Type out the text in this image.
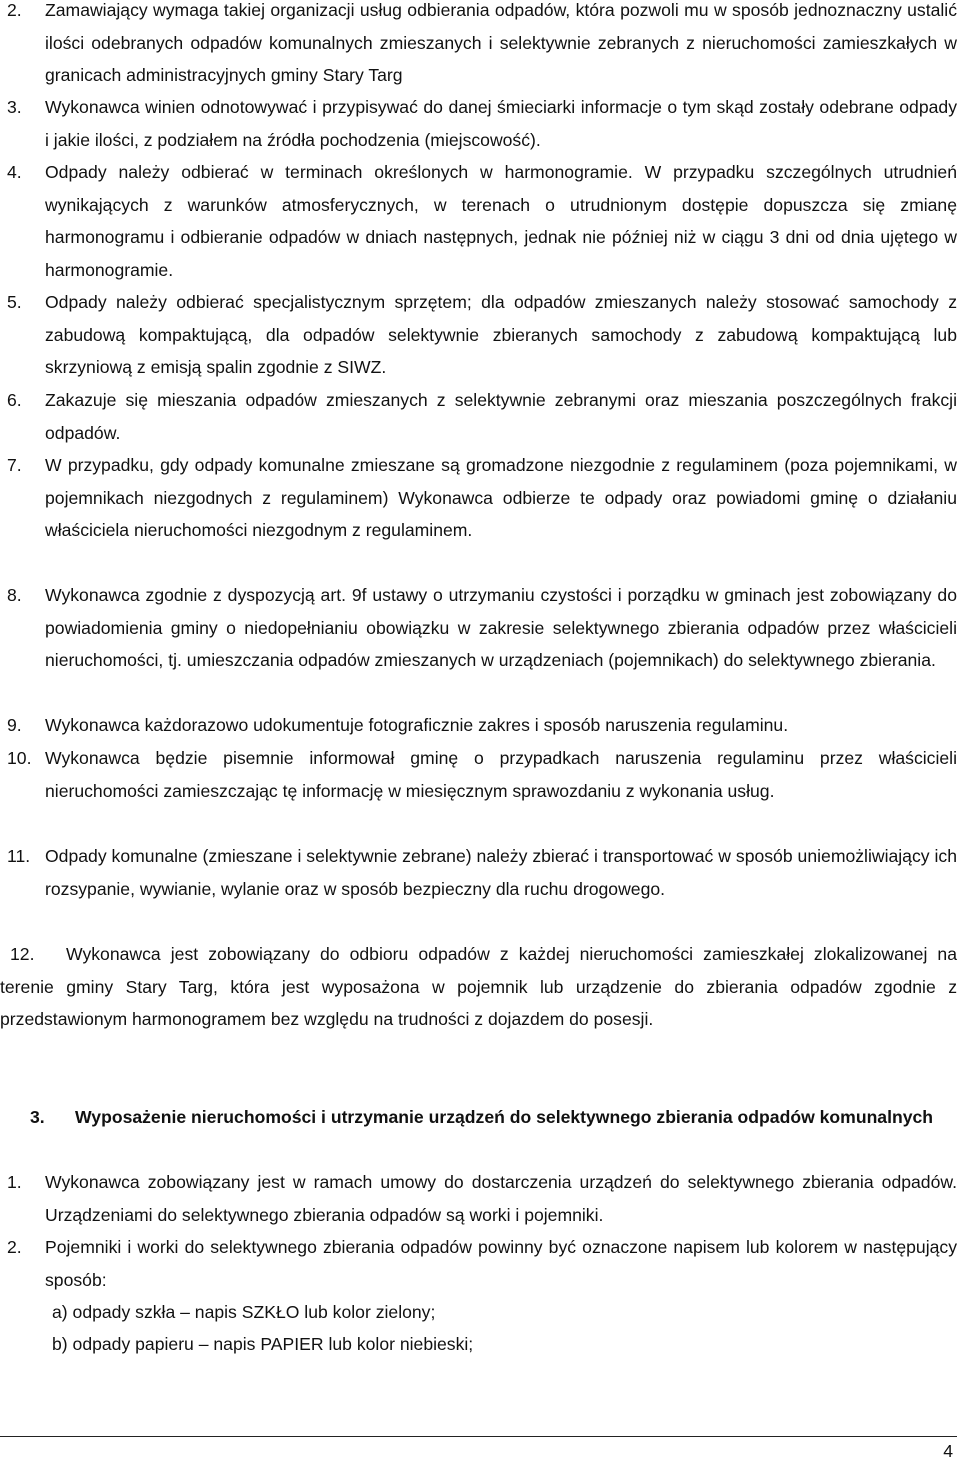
2. Zamawiający wymaga takiej organizacji usług odbierania odpadów, która pozwoli mu w sposób jednoznaczny ustalić ilości odebranych odpadów komunalnych zmieszanych i selektywnie zebranych z nieruchomości zamieszkałych w granicach administracyjnych gminy Stary Targ
3. Wykonawca winien odnotowywać i przypisywać do danej śmieciarki informacje o tym skąd zostały odebrane odpady i jakie ilości, z podziałem na źródła pochodzenia (miejscowość).
4. Odpady należy odbierać w terminach określonych w harmonogramie. W przypadku szczególnych utrudnień wynikających z warunków atmosferycznych, w terenach o utrudnionym dostępie dopuszcza się zmianę harmonogramu i odbieranie odpadów w dniach następnych, jednak nie później niż w ciągu 3 dni od dnia ujętego w harmonogramie.
5. Odpady należy odbierać specjalistycznym sprzętem; dla odpadów zmieszanych należy stosować samochody z zabudową kompaktującą, dla odpadów selektywnie zbieranych samochody z zabudową kompaktującą lub skrzyniową z emisją spalin zgodnie z SIWZ.
6. Zakazuje się mieszania odpadów zmieszanych z selektywnie zebranymi oraz mieszania poszczególnych frakcji odpadów.
7. W przypadku, gdy odpady komunalne zmieszane są gromadzone niezgodnie z regulaminem (poza pojemnikami, w pojemnikach niezgodnych z regulaminem) Wykonawca odbierze te odpady oraz powiadomi gminę o działaniu właściciela nieruchomości niezgodnym z regulaminem.
8. Wykonawca zgodnie z dyspozycją art. 9f ustawy o utrzymaniu czystości i porządku w gminach jest zobowiązany do powiadomienia gminy o niedopełnianiu obowiązku w zakresie selektywnego zbierania odpadów przez właścicieli nieruchomości, tj. umieszczania odpadów zmieszanych w urządzeniach (pojemnikach) do selektywnego zbierania.
9. Wykonawca każdorazowo udokumentuje fotograficznie zakres i sposób naruszenia regulaminu.
10. Wykonawca będzie pisemnie informował gminę o przypadkach naruszenia regulaminu przez właścicieli nieruchomości zamieszczając tę informację w miesięcznym sprawozdaniu z wykonania usług.
11. Odpady komunalne (zmieszane i selektywnie zebrane) należy zbierać i transportować w sposób uniemożliwiający ich rozsypanie, wywianie, wylanie oraz w sposób bezpieczny dla ruchu drogowego.
12. Wykonawca jest zobowiązany do odbioru odpadów z każdej nieruchomości zamieszkałej zlokalizowanej na terenie gminy Stary Targ, która jest wyposażona w pojemnik lub urządzenie do zbierania odpadów zgodnie z przedstawionym harmonogramem bez względu na trudności z dojazdem do posesji.
3. Wyposażenie nieruchomości i utrzymanie urządzeń do selektywnego zbierania odpadów komunalnych
1. Wykonawca zobowiązany jest w ramach umowy do dostarczenia urządzeń do selektywnego zbierania odpadów. Urządzeniami do selektywnego zbierania odpadów są worki i pojemniki.
2. Pojemniki i worki do selektywnego zbierania odpadów powinny być oznaczone napisem lub kolorem w następujący sposób:
a) odpady szkła – napis SZKŁO lub kolor zielony;
b) odpady papieru – napis PAPIER lub kolor niebieski;
4
